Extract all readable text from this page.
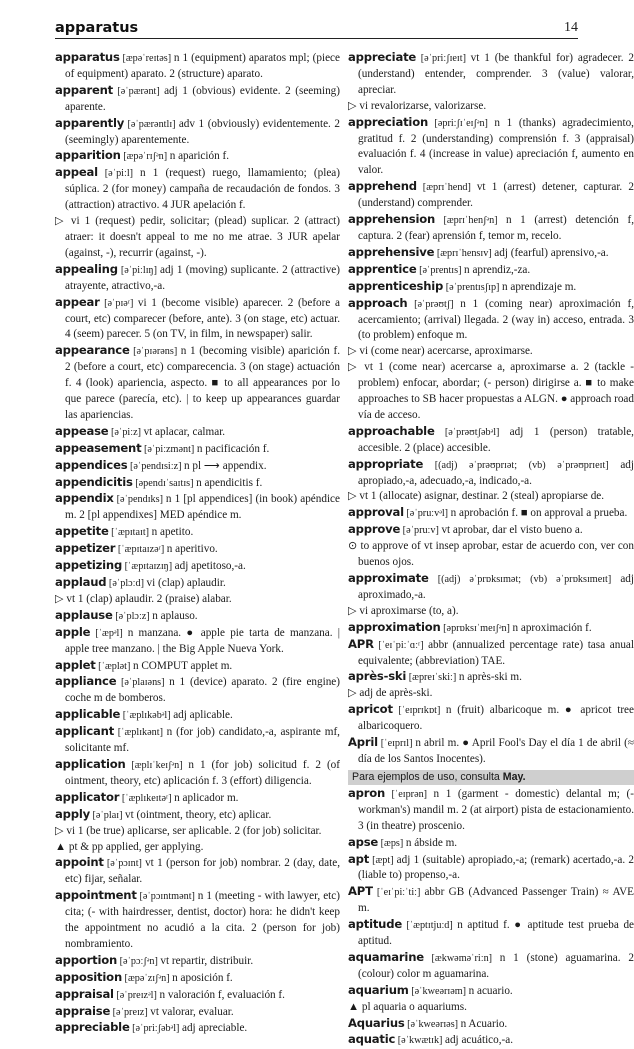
apparatus	14

apparatus [æpəˈreɪtəs] n 1 (equipment) aparatos mpl; (piece of equipment) aparato. 2 (structure) aparato.

apparent [əˈpærənt] adj 1 (obvious) evidente. 2 (seeming) aparente.

apparently [əˈpærəntlɪ] adv 1 (obviously) evidentemente. 2 (seemingly) aparentemente.

apparition [æpəˈrɪʃᵊn] n aparición f.

appeal [əˈpiːl] n 1 (request) ruego, llamamiento; (plea) súplica. 2 (for money) campaña de recaudación de fondos. 3 (attraction) atractivo. 4 JUR apelación f.

▷ vi 1 (request) pedir, solicitar; (plead) suplicar. 2 (attract) atraer: it doesn't appeal to me no me atrae. 3 JUR apelar (against, -), recurrir (against, -).

appealing [əˈpiːlɪŋ] adj 1 (moving) suplicante. 2 (attractive) atrayente, atractivo,-a.

appear [əˈpɪəʳ] vi 1 (become visible) aparecer. 2 (before a court, etc) comparecer (before, ante). 3 (on stage, etc) actuar. 4 (seem) parecer. 5 (on TV, in film, in newspaper) salir.

appearance [əˈpɪərəns] n 1 (becoming visible) aparición f. 2 (before a court, etc) comparecencia. 3 (on stage) actuación f. 4 (look) apariencia, aspecto. ■ to all appearances por lo que parece (parecía, etc). | to keep up appearances guardar las apariencias.

appease [əˈpiːz] vt aplacar, calmar.

appeasement [əˈpiːzmənt] n pacificación f.

appendices [əˈpendɪsiːz] n pl ⟶ appendix.

appendicitis [əpendɪˈsaɪtɪs] n apendicitis f.

appendix [əˈpendɪks] n 1 [pl appendices] (in book) apéndice m. 2 [pl appendixes] MED apéndice m.

appetite [ˈæpɪtaɪt] n apetito.

appetizer [ˈæpɪtaɪzəʳ] n aperitivo.

appetizing [ˈæpɪtaɪzɪŋ] adj apetitoso,-a.

applaud [əˈplɔːd] vi (clap) aplaudir.

▷ vt 1 (clap) aplaudir. 2 (praise) alabar.

applause [əˈplɔːz] n aplauso.

apple [ˈæpᵊl] n manzana. ● apple pie tarta de manzana. | apple tree manzano. | the Big Apple Nueva York.

applet [ˈæplət] n COMPUT applet m.

appliance [əˈplaɪəns] n 1 (device) aparato. 2 (fire engine) coche m de bomberos.

applicable [ˈæplɪkəbᵊl] adj aplicable.

applicant [ˈæplɪkənt] n (for job) candidato,-a, aspirante mf, solicitante mf.

application [æplɪˈkeɪʃᵊn] n 1 (for job) solicitud f. 2 (of ointment, theory, etc) aplicación f. 3 (effort) diligencia.

applicator [ˈæplɪkeɪtəʳ] n aplicador m.

apply [əˈplaɪ] vt (ointment, theory, etc) aplicar.

▷ vi 1 (be true) aplicarse, ser aplicable. 2 (for job) solicitar.

▲ pt & pp applied, ger applying.

appoint [əˈpɔɪnt] vt 1 (person for job) nombrar. 2 (day, date, etc) fijar, señalar.

appointment [əˈpɔɪntmənt] n 1 (meeting - with lawyer, etc) cita; (- with hairdresser, dentist, doctor) hora: he didn't keep the appointment no acudió a la cita. 2 (person for job) nombramiento.

apportion [əˈpɔːʃᵊn] vt repartir, distribuir.

apposition [æpəˈzɪʃᵊn] n aposición f.

appraisal [əˈpreɪzᵊl] n valoración f, evaluación f.

appraise [əˈpreɪz] vt valorar, evaluar.

appreciable [əˈpriːʃəbᵊl] adj apreciable.

appreciate [əˈpriːʃɪeɪt] vt 1 (be thankful for) agradecer. 2 (understand) entender, comprender. 3 (value) valorar, apreciar.

▷ vi revalorizarse, valorizarse.

appreciation [əpriːʃɪˈeɪʃᵊn] n 1 (thanks) agradecimiento, gratitud f. 2 (understanding) comprensión f. 3 (appraisal) evaluación f. 4 (increase in value) apreciación f, aumento en valor.

apprehend [æprɪˈhend] vt 1 (arrest) detener, capturar. 2 (understand) comprender.

apprehension [æprɪˈhenʃᵊn] n 1 (arrest) detención f, captura. 2 (fear) aprensión f, temor m, recelo.

apprehensive [æprɪˈhensɪv] adj (fearful) aprensivo,-a.

apprentice [əˈprentɪs] n aprendiz,-za.

apprenticeship [əˈprentɪsʃɪp] n aprendizaje m.

approach [əˈprəʊtʃ] n 1 (coming near) aproximación f, acercamiento; (arrival) llegada. 2 (way in) acceso, entrada. 3 (to problem) enfoque m.

▷ vi (come near) acercarse, aproximarse.

▷ vt 1 (come near) acercarse a, aproximarse a. 2 (tackle - problem) enfocar, abordar; (- person) dirigirse a. ■ to make approaches to SB hacer propuestas a ALGN. ● approach road vía de acceso.

approachable [əˈprəʊtʃəbᵊl] adj 1 (person) tratable, accesible. 2 (place) accesible.

appropriate [(adj) əˈprəʊprɪət; (vb) əˈprəʊprɪeɪt] adj apropiado,-a, adecuado,-a, indicado,-a.

▷ vt 1 (allocate) asignar, destinar. 2 (steal) apropiarse de.

approval [əˈpruːvᵊl] n aprobación f. ■ on approval a prueba.

approve [əˈpruːv] vt aprobar, dar el visto bueno a.

⊙ to approve of vt insep aprobar, estar de acuerdo con, ver con buenos ojos.

approximate [(adj) əˈprɒksɪmət; (vb) əˈprɒksɪmeɪt] adj aproximado,-a.

▷ vi aproximarse (to, a).

approximation [əprɒksɪˈmeɪʃᵊn] n aproximación f.

APR [ˈeɪˈpiːˈɑːʳ] abbr (annualized percentage rate) tasa anual equivalente; (abbreviation) TAE.

après-ski [æpreɪˈskiː] n après-ski m.

▷ adj de après-ski.

apricot [ˈeɪprɪkɒt] n (fruit) albaricoque m. ● apricot tree albaricoquero.

April [ˈeɪprɪl] n abril m. ● April Fool's Day el día 1 de abril (≈ día de los Santos Inocentes).

Para ejemplos de uso, consulta May.

apron [ˈeɪprən] n 1 (garment - domestic) delantal m; (- workman's) mandil m. 2 (at airport) pista de estacionamiento. 3 (in theatre) proscenio.

apse [æps] n ábside m.

apt [æpt] adj 1 (suitable) apropiado,-a; (remark) acertado,-a. 2 (liable to) propenso,-a.

APT [ˈeɪˈpiːˈtiː] abbr GB (Advanced Passenger Train) ≈ AVE m.

aptitude [ˈæptɪtjuːd] n aptitud f. ● aptitude test prueba de aptitud.

aquamarine [ækwəməˈriːn] n 1 (stone) aguamarina. 2 (colour) color m aguamarina.

aquarium [əˈkweərɪəm] n acuario.

▲ pl aquaria o aquariums.

Aquarius [əˈkweərɪəs] n Acuario.

aquatic [əˈkwætɪk] adj acuático,-a.
